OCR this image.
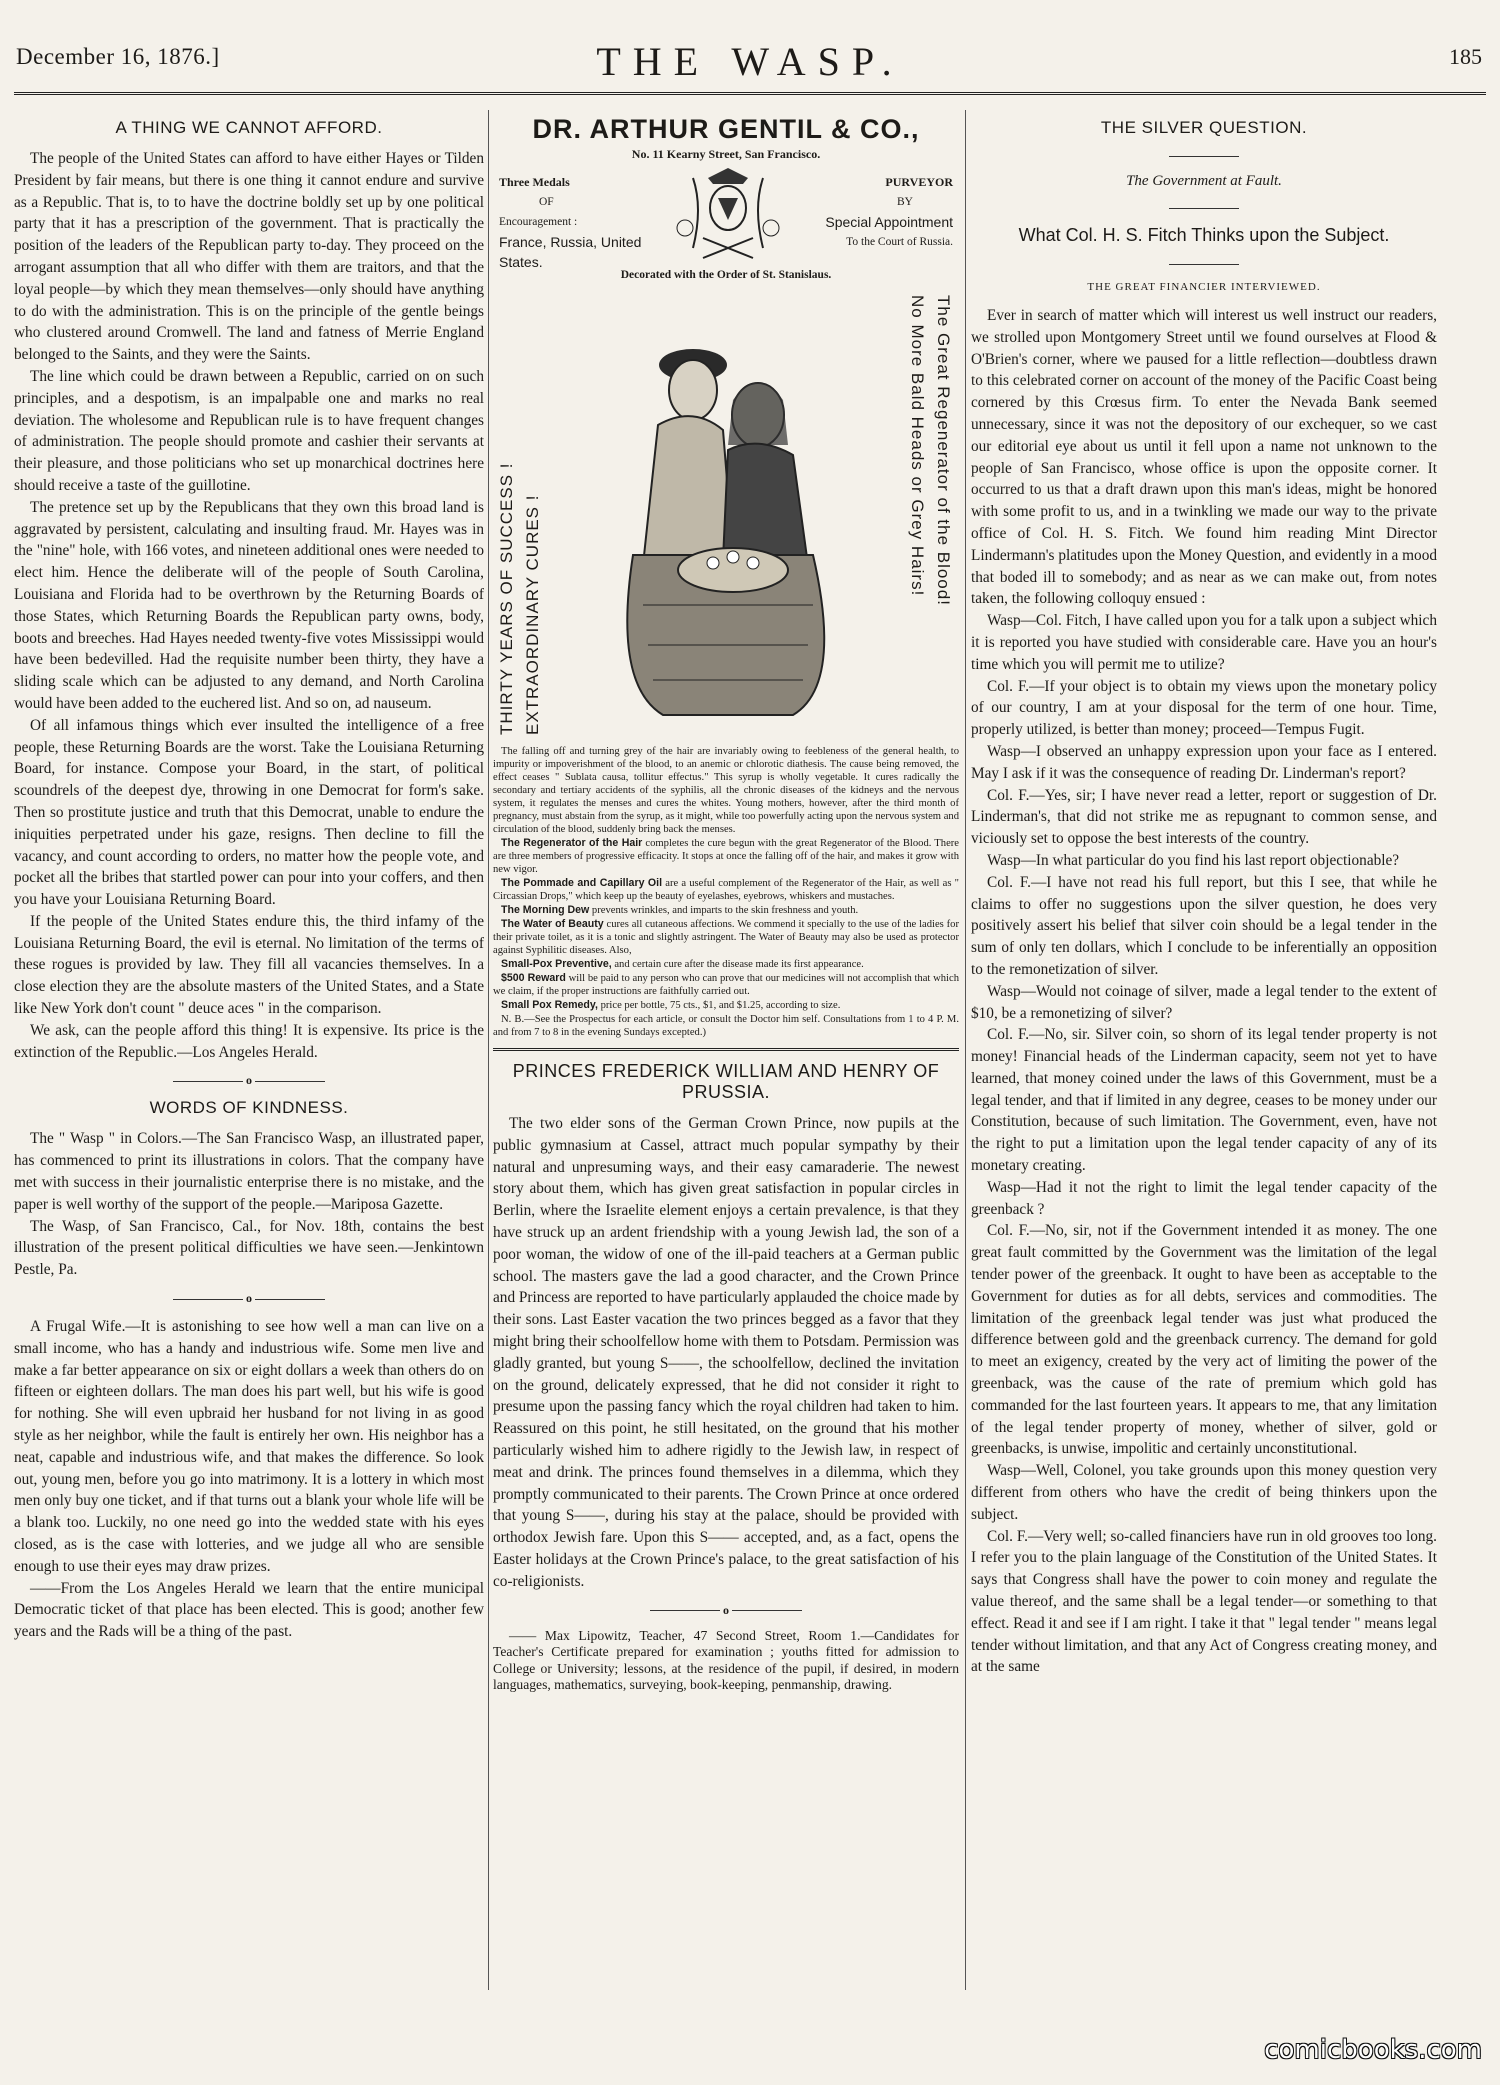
December 16, 1876.]	THE WASP.	185
A THING WE CANNOT AFFORD.

The people of the United States can afford to have either Hayes or Tilden President by fair means, but there is one thing it cannot endure and survive as a Republic. That is, to to have the doctrine boldly set up by one political party that it has a prescription of the government. That is practically the position of the leaders of the Republican party to-day. They proceed on the arrogant assumption that all who differ with them are traitors, and that the loyal people—by which they mean themselves—only should have anything to do with the administration. This is on the principle of the gentle beings who clustered around Cromwell. The land and fatness of Merrie England belonged to the Saints, and they were the Saints.

The line which could be drawn between a Republic, carried on on such principles, and a despotism, is an impalpable one and marks no real deviation. The wholesome and Republican rule is to have frequent changes of administration. The people should promote and cashier their servants at their pleasure, and those politicians who set up monarchical doctrines here should receive a taste of the guillotine.

The pretence set up by the Republicans that they own this broad land is aggravated by persistent, calculating and insulting fraud. Mr. Hayes was in the "nine" hole, with 166 votes, and nineteen additional ones were needed to elect him. Hence the deliberate will of the people of South Carolina, Louisiana and Florida had to be overthrown by the Returning Boards of those States, which Returning Boards the Republican party owns, body, boots and breeches. Had Hayes needed twenty-five votes Mississippi would have been bedevilled. Had the requisite number been thirty, they have a sliding scale which can be adjusted to any demand, and North Carolina would have been added to the euchered list. And so on, ad nauseum.

Of all infamous things which ever insulted the intelligence of a free people, these Returning Boards are the worst. Take the Louisiana Returning Board, for instance. Compose your Board, in the start, of political scoundrels of the deepest dye, throwing in one Democrat for form's sake. Then so prostitute justice and truth that this Democrat, unable to endure the iniquities perpetrated under his gaze, resigns. Then decline to fill the vacancy, and count according to orders, no matter how the people vote, and pocket all the bribes that startled power can pour into your coffers, and then you have your Louisiana Returning Board.

If the people of the United States endure this, the third infamy of the Louisiana Returning Board, the evil is eternal. No limitation of the terms of these rogues is provided by law. They fill all vacancies themselves. In a close election they are the absolute masters of the United States, and a State like New York don't count " deuce aces " in the comparison.

We ask, can the people afford this thing! It is expensive. Its price is the extinction of the Republic.—Los Angeles Herald.

o
WORDS OF KINDNESS.

The " Wasp " in Colors.—The San Francisco Wasp, an illustrated paper, has commenced to print its illustrations in colors. That the company have met with success in their journalistic enterprise there is no mistake, and the paper is well worthy of the support of the people.—Mariposa Gazette.

The Wasp, of San Francisco, Cal., for Nov. 18th, contains the best illustration of the present political difficulties we have seen.—Jenkintown Pestle, Pa.

o

A Frugal Wife.—It is astonishing to see how well a man can live on a small income, who has a handy and industrious wife. Some men live and make a far better appearance on six or eight dollars a week than others do on fifteen or eighteen dollars. The man does his part well, but his wife is good for nothing. She will even upbraid her husband for not living in as good style as her neighbor, while the fault is entirely her own. His neighbor has a neat, capable and industrious wife, and that makes the difference. So look out, young men, before you go into matrimony. It is a lottery in which most men only buy one ticket, and if that turns out a blank your whole life will be a blank too. Luckily, no one need go into the wedded state with his eyes closed, as is the case with lotteries, and we judge all who are sensible enough to use their eyes may draw prizes.

——From the Los Angeles Herald we learn that the entire municipal Democratic ticket of that place has been elected. This is good; another few years and the Rads will be a thing of the past.

DR. ARTHUR GENTIL & CO.,
No. 11 Kearny Street, San Francisco.
Three Medals
OF
Encouragement :
France, Russia, United States.
PURVEYOR
BY
Special Appointment
To the Court of Russia.
Decorated with the Order of St. Stanislaus.
THIRTY YEARS OF SUCCESS ! EXTRAORDINARY CURES !
No More Bald Heads or Grey Hairs! The Great Regenerator of the Blood!

The falling off and turning grey of the hair are invariably owing to feebleness of the general health, to impurity or impoverishment of the blood, to an anemic or chlorotic diathesis. The cause being removed, the effect ceases " Sublata causa, tollitur effectus." This syrup is wholly vegetable. It cures radically the secondary and tertiary accidents of the syphilis, all the chronic diseases of the kidneys and the nervous system, it regulates the menses and cures the whites. Young mothers, however, after the third month of pregnancy, must abstain from the syrup, as it might, while too powerfully acting upon the nervous system and circulation of the blood, suddenly bring back the menses.

The Regenerator of the Hair completes the cure begun with the great Regenerator of the Blood. There are three members of progressive efficacity. It stops at once the falling off of the hair, and makes it grow with new vigor.

The Pommade and Capillary Oil are a useful complement of the Regenerator of the Hair, as well as " Circassian Drops," which keep up the beauty of eyelashes, eyebrows, whiskers and mustaches.

The Morning Dew prevents wrinkles, and imparts to the skin freshness and youth.

The Water of Beauty cures all cutaneous affections. We commend it specially to the use of the ladies for their private toilet, as it is a tonic and slightly astringent. The Water of Beauty may also be used as protector against Syphilitic diseases. Also,

Small-Pox Preventive, and certain cure after the disease made its first appearance.

$500 Reward will be paid to any person who can prove that our medicines will not accomplish that which we claim, if the proper instructions are faithfully carried out.

Small Pox Remedy, price per bottle, 75 cts., $1, and $1.25, according to size.

N. B.—See the Prospectus for each article, or consult the Doctor him self. Consultations from 1 to 4 P. M. and from 7 to 8 in the evening Sundays excepted.)

PRINCES FREDERICK WILLIAM AND HENRY OF PRUSSIA.

The two elder sons of the German Crown Prince, now pupils at the public gymnasium at Cassel, attract much popular sympathy by their natural and unpresuming ways, and their easy camaraderie. The newest story about them, which has given great satisfaction in popular circles in Berlin, where the Israelite element enjoys a certain prevalence, is that they have struck up an ardent friendship with a young Jewish lad, the son of a poor woman, the widow of one of the ill-paid teachers at a German public school. The masters gave the lad a good character, and the Crown Prince and Princess are reported to have particularly applauded the choice made by their sons. Last Easter vacation the two princes begged as a favor that they might bring their schoolfellow home with them to Potsdam. Permission was gladly granted, but young S——, the schoolfellow, declined the invitation on the ground, delicately expressed, that he did not consider it right to presume upon the passing fancy which the royal children had taken to him. Reassured on this point, he still hesitated, on the ground that his mother particularly wished him to adhere rigidly to the Jewish law, in respect of meat and drink. The princes found themselves in a dilemma, which they promptly communicated to their parents. The Crown Prince at once ordered that young S——, during his stay at the palace, should be provided with orthodox Jewish fare. Upon this S—— accepted, and, as a fact, opens the Easter holidays at the Crown Prince's palace, to the great satisfaction of his co-religionists.

o

—— Max Lipowitz, Teacher, 47 Second Street, Room 1.—Candidates for Teacher's Certificate prepared for examination ; youths fitted for admission to College or University; lessons, at the residence of the pupil, if desired, in modern languages, mathematics, surveying, book-keeping, penmanship, drawing.

THE SILVER QUESTION.
The Government at Fault.
What Col. H. S. Fitch Thinks upon the Subject.
THE GREAT FINANCIER INTERVIEWED.

Ever in search of matter which will interest us well instruct our readers, we strolled upon Montgomery Street until we found ourselves at Flood & O'Brien's corner, where we paused for a little reflection—doubtless drawn to this celebrated corner on account of the money of the Pacific Coast being cornered by this Crœsus firm. To enter the Nevada Bank seemed unnecessary, since it was not the depository of our exchequer, so we cast our editorial eye about us until it fell upon a name not unknown to the people of San Francisco, whose office is upon the opposite corner. It occurred to us that a draft drawn upon this man's ideas, might be honored with some profit to us, and in a twinkling we made our way to the private office of Col. H. S. Fitch. We found him reading Mint Director Lindermann's platitudes upon the Money Question, and evidently in a mood that boded ill to somebody; and as near as we can make out, from notes taken, the following colloquy ensued :

Wasp—Col. Fitch, I have called upon you for a talk upon a subject which it is reported you have studied with considerable care. Have you an hour's time which you will permit me to utilize?

Col. F.—If your object is to obtain my views upon the monetary policy of our country, I am at your disposal for the term of one hour. Time, properly utilized, is better than money; proceed—Tempus Fugit.

Wasp—I observed an unhappy expression upon your face as I entered. May I ask if it was the consequence of reading Dr. Linderman's report?

Col. F.—Yes, sir; I have never read a letter, report or suggestion of Dr. Linderman's, that did not strike me as repugnant to common sense, and viciously set to oppose the best interests of the country.

Wasp—In what particular do you find his last report objectionable?

Col. F.—I have not read his full report, but this I see, that while he claims to offer no suggestions upon the silver question, he does very positively assert his belief that silver coin should be a legal tender in the sum of only ten dollars, which I conclude to be inferentially an opposition to the remonetization of silver.

Wasp—Would not coinage of silver, made a legal tender to the extent of $10, be a remonetizing of silver?

Col. F.—No, sir. Silver coin, so shorn of its legal tender property is not money! Financial heads of the Linderman capacity, seem not yet to have learned, that money coined under the laws of this Government, must be a legal tender, and that if limited in any degree, ceases to be money under our Constitution, because of such limitation. The Government, even, have not the right to put a limitation upon the legal tender capacity of any of its monetary creating.

Wasp—Had it not the right to limit the legal tender capacity of the greenback ?

Col. F.—No, sir, not if the Government intended it as money. The one great fault committed by the Government was the limitation of the legal tender power of the greenback. It ought to have been as acceptable to the Government for duties as for all debts, services and commodities. The limitation of the greenback legal tender was just what produced the difference between gold and the greenback currency. The demand for gold to meet an exigency, created by the very act of limiting the power of the greenback, was the cause of the rate of premium which gold has commanded for the last fourteen years. It appears to me, that any limitation of the legal tender property of money, whether of silver, gold or greenbacks, is unwise, impolitic and certainly unconstitutional.

Wasp—Well, Colonel, you take grounds upon this money question very different from others who have the credit of being thinkers upon the subject.

Col. F.—Very well; so-called financiers have run in old grooves too long. I refer you to the plain language of the Constitution of the United States. It says that Congress shall have the power to coin money and regulate the value thereof, and the same shall be a legal tender—or something to that effect. Read it and see if I am right. I take it that " legal tender " means legal tender without limitation, and that any Act of Congress creating money, and at the same

comicbooks.com
